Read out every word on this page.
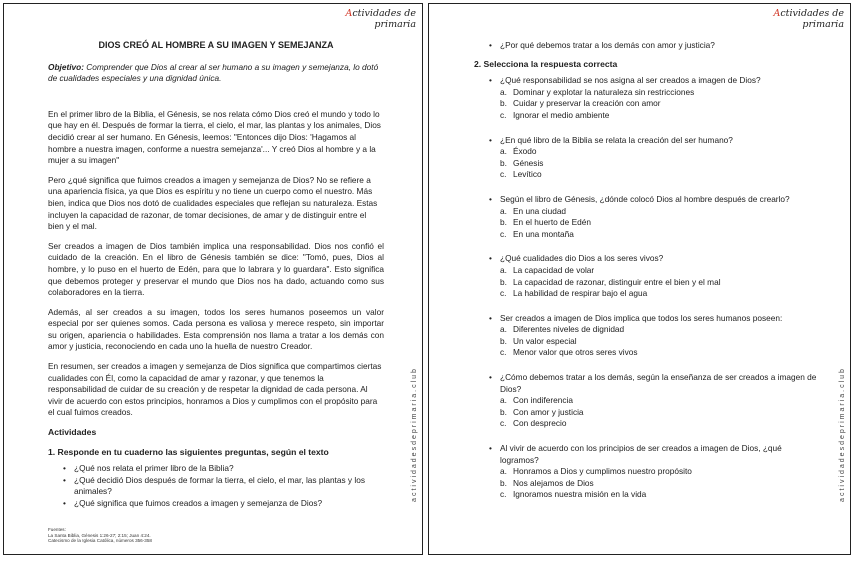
Actividades de
primaria
DIOS CREÓ AL HOMBRE A SU IMAGEN Y SEMEJANZA
Objetivo: Comprender que Dios al crear al ser humano a su imagen y semejanza, lo dotó de cualidades especiales y una dignidad única.

En el primer libro de la Biblia, el Génesis, se nos relata cómo Dios creó el mundo y todo lo que hay en él. Después de formar la tierra, el cielo, el mar, las plantas y los animales, Dios decidió crear al ser humano. En Génesis, leemos: "Entonces dijo Dios: 'Hagamos al hombre a nuestra imagen, conforme a nuestra semejanza'... Y creó Dios al hombre y a la mujer a su imagen"

Pero ¿qué significa que fuimos creados a imagen y semejanza de Dios? No se refiere a una apariencia física, ya que Dios es espíritu y no tiene un cuerpo como el nuestro. Más bien, indica que Dios nos dotó de cualidades especiales que reflejan su naturaleza. Estas incluyen la capacidad de razonar, de tomar decisiones, de amar y de distinguir entre el bien y el mal.

Ser creados a imagen de Dios también implica una responsabilidad. Dios nos confió el cuidado de la creación. En el libro de Génesis también se dice: "Tomó, pues, Dios al hombre, y lo puso en el huerto de Edén, para que lo labrara y lo guardara". Esto significa que debemos proteger y preservar el mundo que Dios nos ha dado, actuando como sus colaboradores en la tierra.

Además, al ser creados a su imagen, todos los seres humanos poseemos un valor especial por ser quienes somos. Cada persona es valiosa y merece respeto, sin importar su origen, apariencia o habilidades. Esta comprensión nos llama a tratar a los demás con amor y justicia, reconociendo en cada uno la huella de nuestro Creador.

En resumen, ser creados a imagen y semejanza de Dios significa que compartimos ciertas cualidades con Él, como la capacidad de amar y razonar, y que tenemos la responsabilidad de cuidar de su creación y de respetar la dignidad de cada persona. Al vivir de acuerdo con estos principios, honramos a Dios y cumplimos con el propósito para el cual fuimos creados.

Actividades
1. Responde en tu cuaderno las siguientes preguntas, según el texto
• ¿Qué nos relata el primer libro de la Biblia?
• ¿Qué decidió Dios después de formar la tierra, el cielo, el mar, las plantas y los animales?
• ¿Qué significa que fuimos creados a imagen y semejanza de Dios?
Fuentes:
La Santa Biblia, Génesis 1:26-27; 2:15; Juan 4:24.
Catecismo de la Iglesia Católica, números 356-358
actividadesdeprimaria.club
Actividades de
primaria
• ¿Por qué debemos tratar a los demás con amor y justicia?
2. Selecciona la respuesta correcta
• ¿Qué responsabilidad se nos asigna al ser creados a imagen de Dios?
a. Dominar y explotar la naturaleza sin restricciones
b. Cuidar y preservar la creación con amor
c. Ignorar el medio ambiente
• ¿En qué libro de la Biblia se relata la creación del ser humano?
a. Éxodo
b. Génesis
c. Levítico
• Según el libro de Génesis, ¿dónde colocó Dios al hombre después de crearlo?
a. En una ciudad
b. En el huerto de Edén
c. En una montaña
• ¿Qué cualidades dio Dios a los seres vivos?
a. La capacidad de volar
b. La capacidad de razonar, distinguir entre el bien y el mal
c. La habilidad de respirar bajo el agua
• Ser creados a imagen de Dios implica que todos los seres humanos poseen:
a. Diferentes niveles de dignidad
b. Un valor especial
c. Menor valor que otros seres vivos
• ¿Cómo debemos tratar a los demás, según la enseñanza de ser creados a imagen de Dios?
a. Con indiferencia
b. Con amor y justicia
c. Con desprecio
• Al vivir de acuerdo con los principios de ser creados a imagen de Dios, ¿qué logramos?
a. Honramos a Dios y cumplimos nuestro propósito
b. Nos alejamos de Dios
c. Ignoramos nuestra misión en la vida	actividadesdeprimaria.club
